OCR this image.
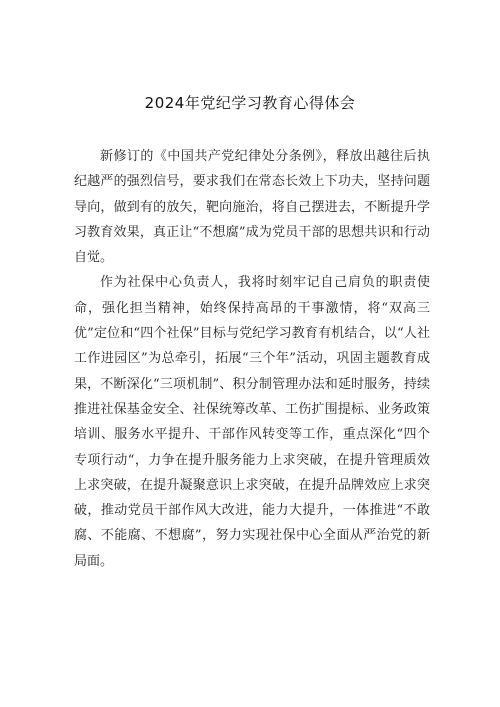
2024年党纪学习教育心得体会

新修订的《中国共产党纪律处分条例》，释放出越往后执纪越严的强烈信号，要求我们在常态长效上下功夫，坚持问题导向，做到有的放矢，靶向施治，将自己摆进去，不断提升学习教育效果，真正让“不想腐”成为党员干部的思想共识和行动自觉。

作为社保中心负责人，我将时刻牢记自己肩负的职责使命，强化担当精神，始终保持高昂的干事激情，将“双高三优”定位和“四个社保”目标与党纪学习教育有机结合，以“人社工作进园区”为总牵引，拓展“三个年”活动，巩固主题教育成果，不断深化“三项机制”、积分制管理办法和延时服务，持续推进社保基金安全、社保统筹改革、工伤扩围提标、业务政策培训、服务水平提升、干部作风转变等工作，重点深化“四个专项行动“，力争在提升服务能力上求突破，在提升管理质效上求突破，在提升凝聚意识上求突破，在提升品牌效应上求突破，推动党员干部作风大改进，能力大提升，一体推进“不敢腐、不能腐、不想腐”，努力实现社保中心全面从严治党的新局面。
